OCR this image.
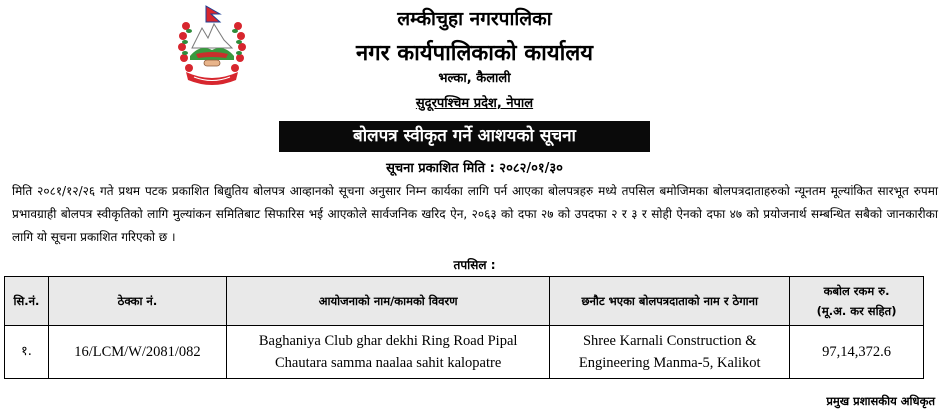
लम्कीचुहा नगरपालिका
नगर कार्यपालिकाको कार्यालय
भल्का, कैलाली
सुदूरपश्चिम प्रदेश, नेपाल
बोलपत्र स्वीकृत गर्ने आशयको सूचना
सूचना प्रकाशित मिति : २०८२/०१/३०
मिति २०८१/१२/२६ गते प्रथम पटक प्रकाशित बिद्युतिय बोलपत्र आव्हानको सूचना अनुसार निम्न कार्यका लागि पर्न आएका बोलपत्रहरु मध्ये तपसिल बमोजिमका बोलपत्रदाताहरुको न्यूनतम मूल्यांकित सारभूत रुपमा प्रभावग्राही बोलपत्र स्वीकृतिको लागि मुल्यांकन समितिबाट सिफारिस भई आएकोले सार्वजनिक खरिद ऐन, २०६३ को दफा २७ को उपदफा २ र ३ र सोही ऐनको दफा ४७ को प्रयोजनार्थ सम्बन्धित सबैको जानकारीका लागि यो सूचना प्रकाशित गरिएको छ ।
तपसिल :
सि.नं.	ठेक्का नं.	आयोजनाको नाम/कामको विवरण	छनौट भएका बोलपत्रदाताको नाम र ठेगाना	कबोल रकम रु.
(मू.अ. कर सहित)

१.	16/LCM/W/2081/082	Baghaniya Club ghar dekhi Ring Road Pipal Chautara samma naalaa sahit kalopatre	Shree Karnali Construction & Engineering Manma-5, Kalikot	97,14,372.6
प्रमुख प्रशासकीय अधिकृत
